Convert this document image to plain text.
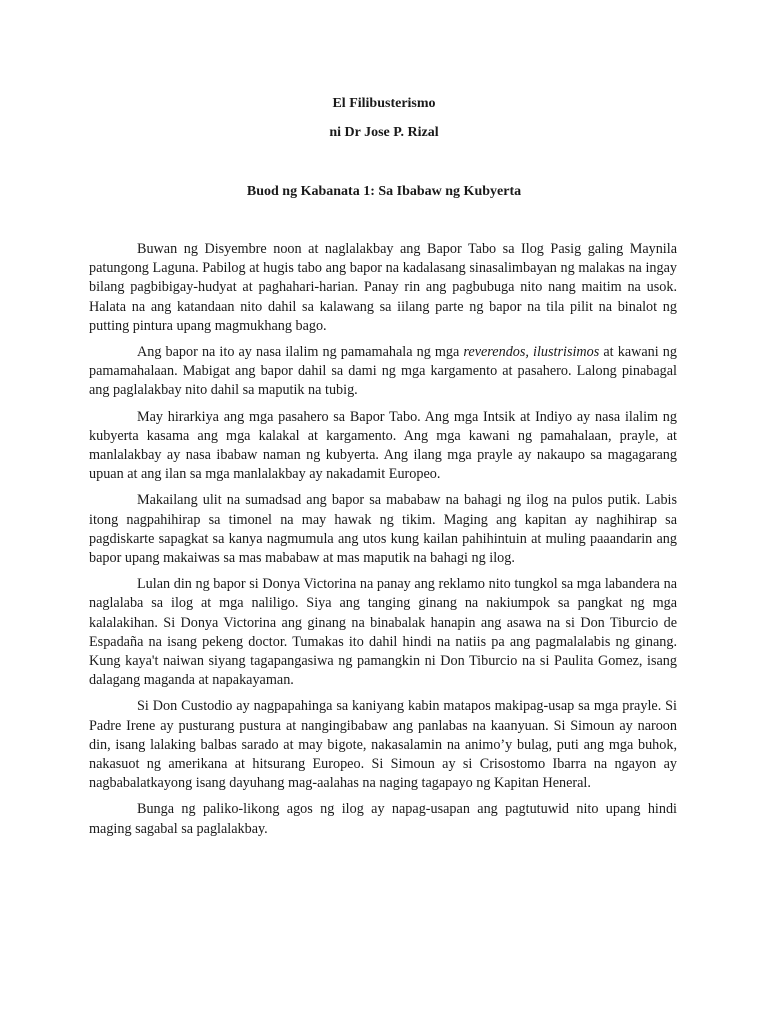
El Filibusterismo
ni Dr Jose P. Rizal
Buod ng Kabanata 1: Sa Ibabaw ng Kubyerta

Buwan ng Disyembre noon at naglalakbay ang Bapor Tabo sa Ilog Pasig galing Maynila patungong Laguna. Pabilog at hugis tabo ang bapor na kadalasang sinasalimbayan ng malakas na ingay bilang pagbibigay-hudyat at paghahari-harian. Panay rin ang pagbubuga nito nang maitim na usok. Halata na ang katandaan nito dahil sa kalawang sa iilang parte ng bapor na tila pilit na binalot ng putting pintura upang magmukhang bago.

Ang bapor na ito ay nasa ilalim ng pamamahala ng mga reverendos, ilustrisimos at kawani ng pamamahalaan. Mabigat ang bapor dahil sa dami ng mga kargamento at pasahero. Lalong pinabagal ang paglalakbay nito dahil sa maputik na tubig.

May hirarkiya ang mga pasahero sa Bapor Tabo. Ang mga Intsik at Indiyo ay nasa ilalim ng kubyerta kasama ang mga kalakal at kargamento. Ang mga kawani ng pamahalaan, prayle, at manlalakbay ay nasa ibabaw naman ng kubyerta. Ang ilang mga prayle ay nakaupo sa magagarang upuan at ang ilan sa mga manlalakbay ay nakadamit Europeo.

Makailang ulit na sumadsad ang bapor sa mababaw na bahagi ng ilog na pulos putik. Labis itong nagpahihirap sa timonel na may hawak ng tikim. Maging ang kapitan ay naghihirap sa pagdiskarte sapagkat sa kanya nagmumula ang utos kung kailan pahihintuin at muling paaandarin ang bapor upang makaiwas sa mas mababaw at mas maputik na bahagi ng ilog.

Lulan din ng bapor si Donya Victorina na panay ang reklamo nito tungkol sa mga labandera na naglalaba sa ilog at mga naliligo. Siya ang tanging ginang na nakiumpok sa pangkat ng mga kalalakihan. Si Donya Victorina ang ginang na binabalak hanapin ang asawa na si Don Tiburcio de Espadaña na isang pekeng doctor. Tumakas ito dahil hindi na natiis pa ang pagmalalabis ng ginang. Kung kaya't naiwan siyang tagapangasiwa ng pamangkin ni Don Tiburcio na si Paulita Gomez, isang dalagang maganda at napakayaman.

Si Don Custodio ay nagpapahinga sa kaniyang kabin matapos makipag-usap sa mga prayle. Si Padre Irene ay pusturang pustura at nangingibabaw ang panlabas na kaanyuan. Si Simoun ay naroon din, isang lalaking balbas sarado at may bigote, nakasalamin na animo’y bulag, puti ang mga buhok, nakasuot ng amerikana at hitsurang Europeo. Si Simoun ay si Crisostomo Ibarra na ngayon ay nagbabalatkayong isang dayuhang mag-aalahas na naging tagapayo ng Kapitan Heneral.

Bunga ng paliko-likong agos ng ilog ay napag-usapan ang pagtutuwid nito upang hindi maging sagabal sa paglalakbay.
